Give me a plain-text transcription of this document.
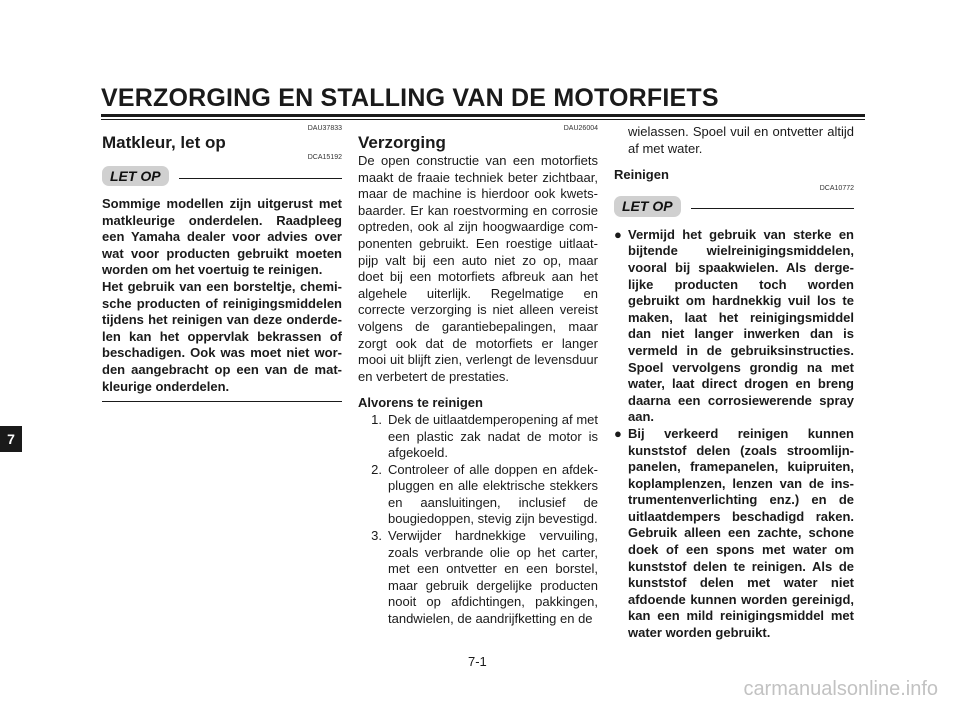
VERZORGING EN STALLING VAN DE MOTORFIETS
7
DAU37833
Matkleur, let op
DCA15192
LET OP

Sommige modellen zijn uitgerust met matkleurige onderdelen. Raadpleeg een Yamaha dealer voor advies over wat voor producten gebruikt moeten worden om het voertuig te reinigen.

Het gebruik van een borsteltje, chemische producten of reinigingsmiddelen tijdens het reinigen van deze onderdelen kan het oppervlak bekrassen of beschadigen. Ook was moet niet worden aangebracht op een van de matkleurige onderdelen.

DAU26004
Verzorging

De open constructie van een motorfiets maakt de fraaie techniek beter zichtbaar, maar de machine is hierdoor ook kwetsbaarder. Er kan roestvorming en corrosie optreden, ook al zijn hoogwaardige componenten gebruikt. Een roestige uitlaatpijp valt bij een auto niet zo op, maar doet bij een motorfiets afbreuk aan het algehele uiterlijk. Regelmatige en correcte verzorging is niet alleen vereist volgens de garantiebepalingen, maar zorgt ook dat de motorfiets er langer mooi uit blijft zien, verlengt de levensduur en verbetert de prestaties.

Alvorens te reinigen
1. Dek de uitlaatdemperopening af met een plastic zak nadat de motor is afgekoeld.
2. Controleer of alle doppen en afdekpluggen en alle elektrische stekkers en aansluitingen, inclusief de bougiedoppen, stevig zijn bevestigd.
3. Verwijder hardnekkige vervuiling, zoals verbrande olie op het carter, met een ontvetter en een borstel, maar gebruik dergelijke producten nooit op afdichtingen, pakkingen, tandwielen, de aandrijfketting en de

wielassen. Spoel vuil en ontvetter altijd af met water.

Reinigen
DCA10772
LET OP
● Vermijd het gebruik van sterke en bijtende wielreinigingsmiddelen, vooral bij spaakwielen. Als dergelijke producten toch worden gebruikt om hardnekkig vuil los te maken, laat het reinigingsmiddel dan niet langer inwerken dan is vermeld in de gebruiksinstructies. Spoel vervolgens grondig na met water, laat direct drogen en breng daarna een corrosiewerende spray aan.
● Bij verkeerd reinigen kunnen kunststof delen (zoals stroomlijnpanelen, framepanelen, kuipruiten, koplamplenzen, lenzen van de instrumentenverlichting enz.) en de uitlaatdempers beschadigd raken. Gebruik alleen een zachte, schone doek of een spons met water om kunststof delen te reinigen. Als de kunststof delen met water niet afdoende kunnen worden gereinigd, kan een mild reinigingsmiddel met water worden gebruikt.
7-1
carmanualsonline.info
